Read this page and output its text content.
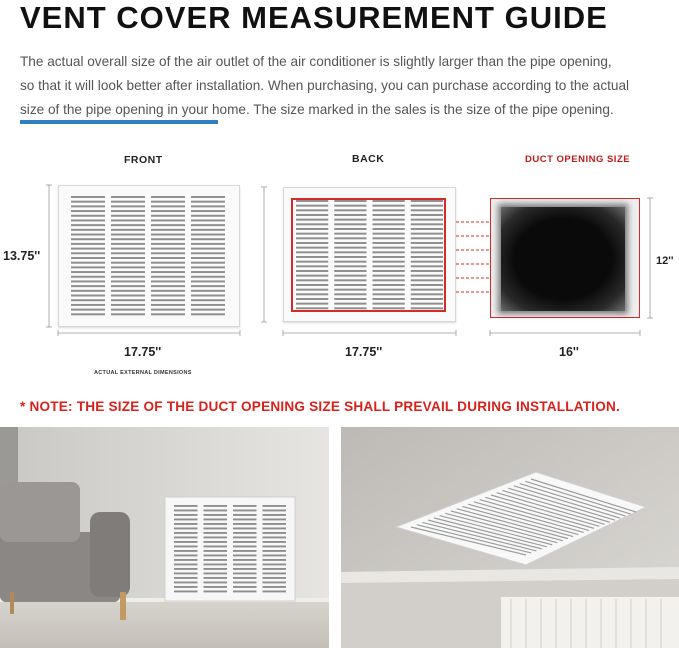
VENT COVER MEASUREMENT GUIDE
The actual overall size of the air outlet of the air conditioner is slightly larger than the pipe opening,
so that it will look better after installation. When purchasing, you can purchase according to the actual
size of the pipe opening in your home. The size marked in the sales is the size of the pipe opening.
FRONT	BACK	DUCT OPENING SIZE
13.75''
17.75''
ACTUAL EXTERNAL DIMENSIONS
17.75''	16''
12''
* NOTE: THE SIZE OF THE DUCT OPENING SIZE SHALL PREVAIL DURING INSTALLATION.
